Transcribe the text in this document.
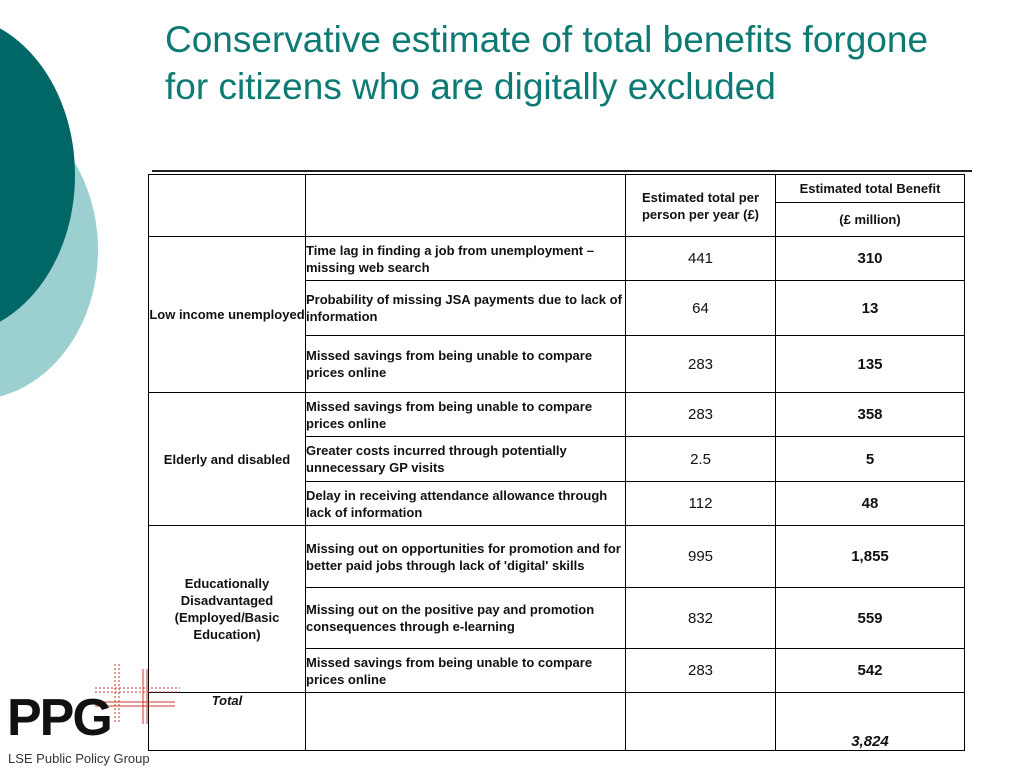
Conservative estimate of total benefits forgone for citizens who are digitally excluded
		Estimated total per person per year (£)	Estimated total Benefit
			(£ million)
Low income unemployed	Time lag in finding a job from unemployment – missing web search	441	310
	Probability of missing JSA payments due to lack of information	64	13
	Missed savings from being unable to compare prices online	283	135
Elderly and disabled	Missed savings from being unable to compare prices online	283	358
	Greater costs incurred through potentially unnecessary GP visits	2.5	5
	Delay in receiving attendance allowance through lack of information	112	48
Educationally Disadvantaged (Employed/Basic Education)	Missing out on opportunities for promotion and for better paid jobs through lack of 'digital' skills	995	1,855
	Missing out on the positive pay and promotion consequences through e-learning	832	559
	Missed savings from being unable to compare prices online	283	542
Total			3,824
PPG
LSE Public Policy Group
